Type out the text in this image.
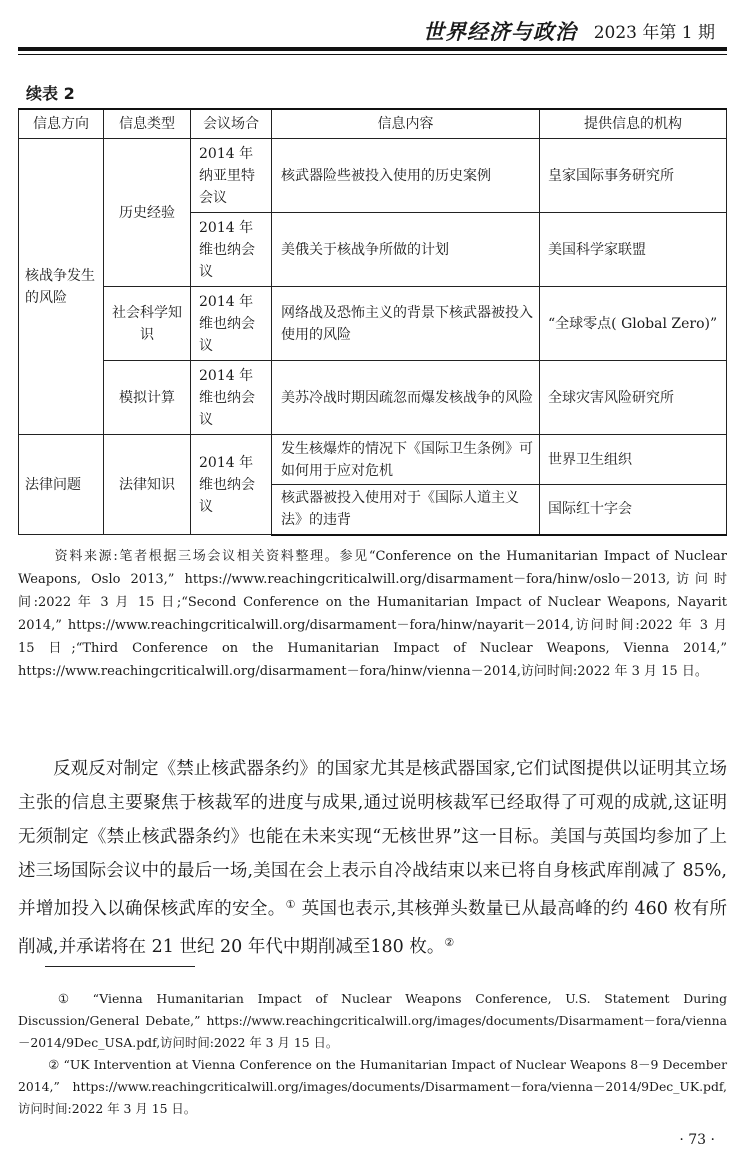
世界经济与政治 2023 年第 1 期
续表 2
信息方向	信息类型	会议场合	信息内容	提供信息的机构
核战争发生的风险	历史经验	2014 年纳亚里特会议	核武器险些被投入使用的历史案例	皇家国际事务研究所
		2014 年维也纳会议	美俄关于核战争所做的计划	美国科学家联盟
	社会科学知识	2014 年维也纳会议	网络战及恐怖主义的背景下核武器被投入使用的风险	“全球零点( Global Zero)”
	模拟计算	2014 年维也纳会议	美苏冷战时期因疏忽而爆发核战争的风险	全球灾害风险研究所
法律问题	法律知识	2014 年维也纳会议	发生核爆炸的情况下《国际卫生条例》可如何用于应对危机	世界卫生组织
			核武器被投入使用对于《国际人道主义法》的违背	国际红十字会
资料来源:笔者根据三场会议相关资料整理。参见“Conference on the Humanitarian Impact of Nuclear Weapons, Oslo 2013,” https://www.reachingcriticalwill.org/disarmament－fora/hinw/oslo－2013,访问时间:2022 年 3 月 15 日;“Second Conference on the Humanitarian Impact of Nuclear Weapons, Nayarit 2014,” https://www.reachingcriticalwill.org/disarmament－fora/hinw/nayarit－2014,访问时间:2022 年 3 月 15 日;“Third Conference on the Humanitarian Impact of Nuclear Weapons, Vienna 2014,” https://www.reachingcriticalwill.org/disarmament－fora/hinw/vienna－2014,访问时间:2022 年 3 月 15 日。
反观反对制定《禁止核武器条约》的国家尤其是核武器国家,它们试图提供以证明其立场主张的信息主要聚焦于核裁军的进度与成果,通过说明核裁军已经取得了可观的成就,这证明无须制定《禁止核武器条约》也能在未来实现“无核世界”这一目标。美国与英国均参加了上述三场国际会议中的最后一场,美国在会上表示自冷战结束以来已将自身核武库削减了 85%,并增加投入以确保核武库的安全。① 英国也表示,其核弹头数量已从最高峰的约 460 枚有所削减,并承诺将在 21 世纪 20 年代中期削减至180 枚。②

① “Vienna Humanitarian Impact of Nuclear Weapons Conference, U.S. Statement During Discussion/General Debate,” https://www.reachingcriticalwill.org/images/documents/Disarmament－fora/vienna－2014/9Dec_USA.pdf,访问时间:2022 年 3 月 15 日。

② “UK Intervention at Vienna Conference on the Humanitarian Impact of Nuclear Weapons 8－9 December 2014,” https://www.reachingcriticalwill.org/images/documents/Disarmament－fora/vienna－2014/9Dec_UK.pdf,访问时间:2022 年 3 月 15 日。

· 73 ·
